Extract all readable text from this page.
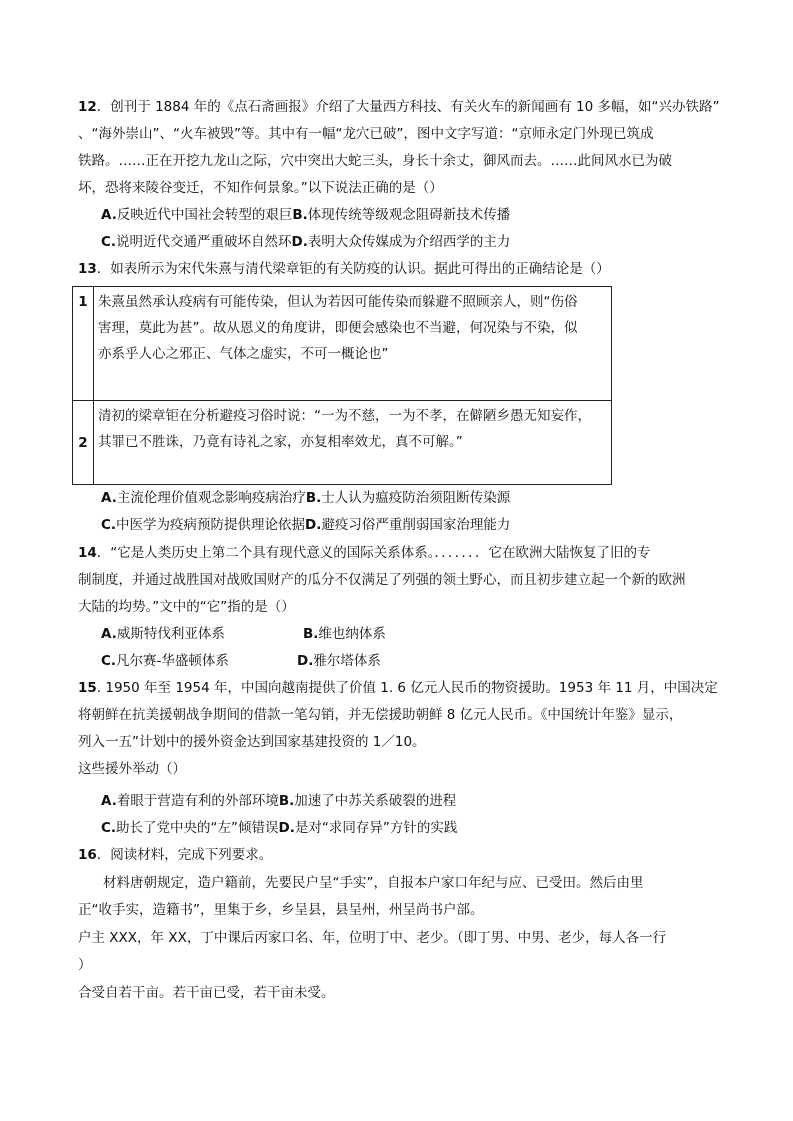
12．创刊于 1884 年的《点石斋画报》介绍了大量西方科技、有关火车的新闻画有 10 多幅，如“兴办铁路”
、“海外崇山”、“火车被毁”等。其中有一幅“龙穴已破”，图中文字写道：“京师永定门外现已筑成
铁路。……正在开挖九龙山之际，穴中突出大蛇三头，身长十余丈，御风而去。……此间风水已为破
坏，恐将来陵谷变迁，不知作何景象。”以下说法正确的是（）
A.反映近代中国社会转型的艰巨B.体现传统等级观念阻碍新技术传播
C.说明近代交通严重破坏自然环D.表明大众传媒成为介绍西学的主力
13．如表所示为宋代朱熹与清代梁章钜的有关防疫的认识。据此可得出的正确结论是（）
1	朱熹虽然承认疫病有可能传染，但认为若因可能传染而躲避不照顾亲人，则“伤俗
害理，莫此为甚”。故从恩义的角度讲，即便会感染也不当避，何况染与不染，似
亦系乎人心之邪正、气体之虚实，不可一概论也”

2	清初的梁章钜在分析避疫习俗时说：“一为不慈，一为不孝，在僻陋乡愚无知妄作，
其罪已不胜诛，乃竟有诗礼之家，亦复相率效尤，真不可解。”
A.主流伦理价值观念影响疫病治疗B.士人认为瘟疫防治须阻断传染源
C.中医学为疫病预防提供理论依据D.避疫习俗严重削弱国家治理能力
14．“它是人类历史上第二个具有现代意义的国际关系体系。．．．．．．．它在欧洲大陆恢复了旧的专
制制度，并通过战胜国对战败国财产的瓜分不仅满足了列强的领土野心，而且初步建立起一个新的欧洲
大陆的均势。”文中的“它”指的是（）
A.威斯特伐利亚体系	B.维也纳体系
C.凡尔赛-华盛顿体系	D.雅尔塔体系
15. 1950 年至 1954 年，中国向越南提供了价值 1. 6 亿元人民币的物资援助。1953 年 11 月，中国决定
将朝鲜在抗美援朝战争期间的借款一笔勾销，并无偿援助朝鲜 8 亿元人民币。《中国统计年鉴》显示，
列入一五”计划中的援外资金达到国家基建投资的 1／10。
这些援外举动（）
A.着眼于营造有利的外部环境B.加速了中苏关系破裂的进程
C.助长了党中央的“左”倾错误D.是对“求同存异”方针的实践
16．阅读材料，完成下列要求。
材料唐朝规定，造户籍前，先要民户呈“手实”，自报本户家口年纪与应、已受田。然后由里
正“收手实，造籍书”，里集于乡，乡呈县，县呈州，州呈尚书户部。
户主 XXX，年 XX，丁中课后丙家口名、年，位明丁中、老少。（即丁男、中男、老少，每人各一行
）
合受自若干亩。若干亩已受，若干亩未受。
